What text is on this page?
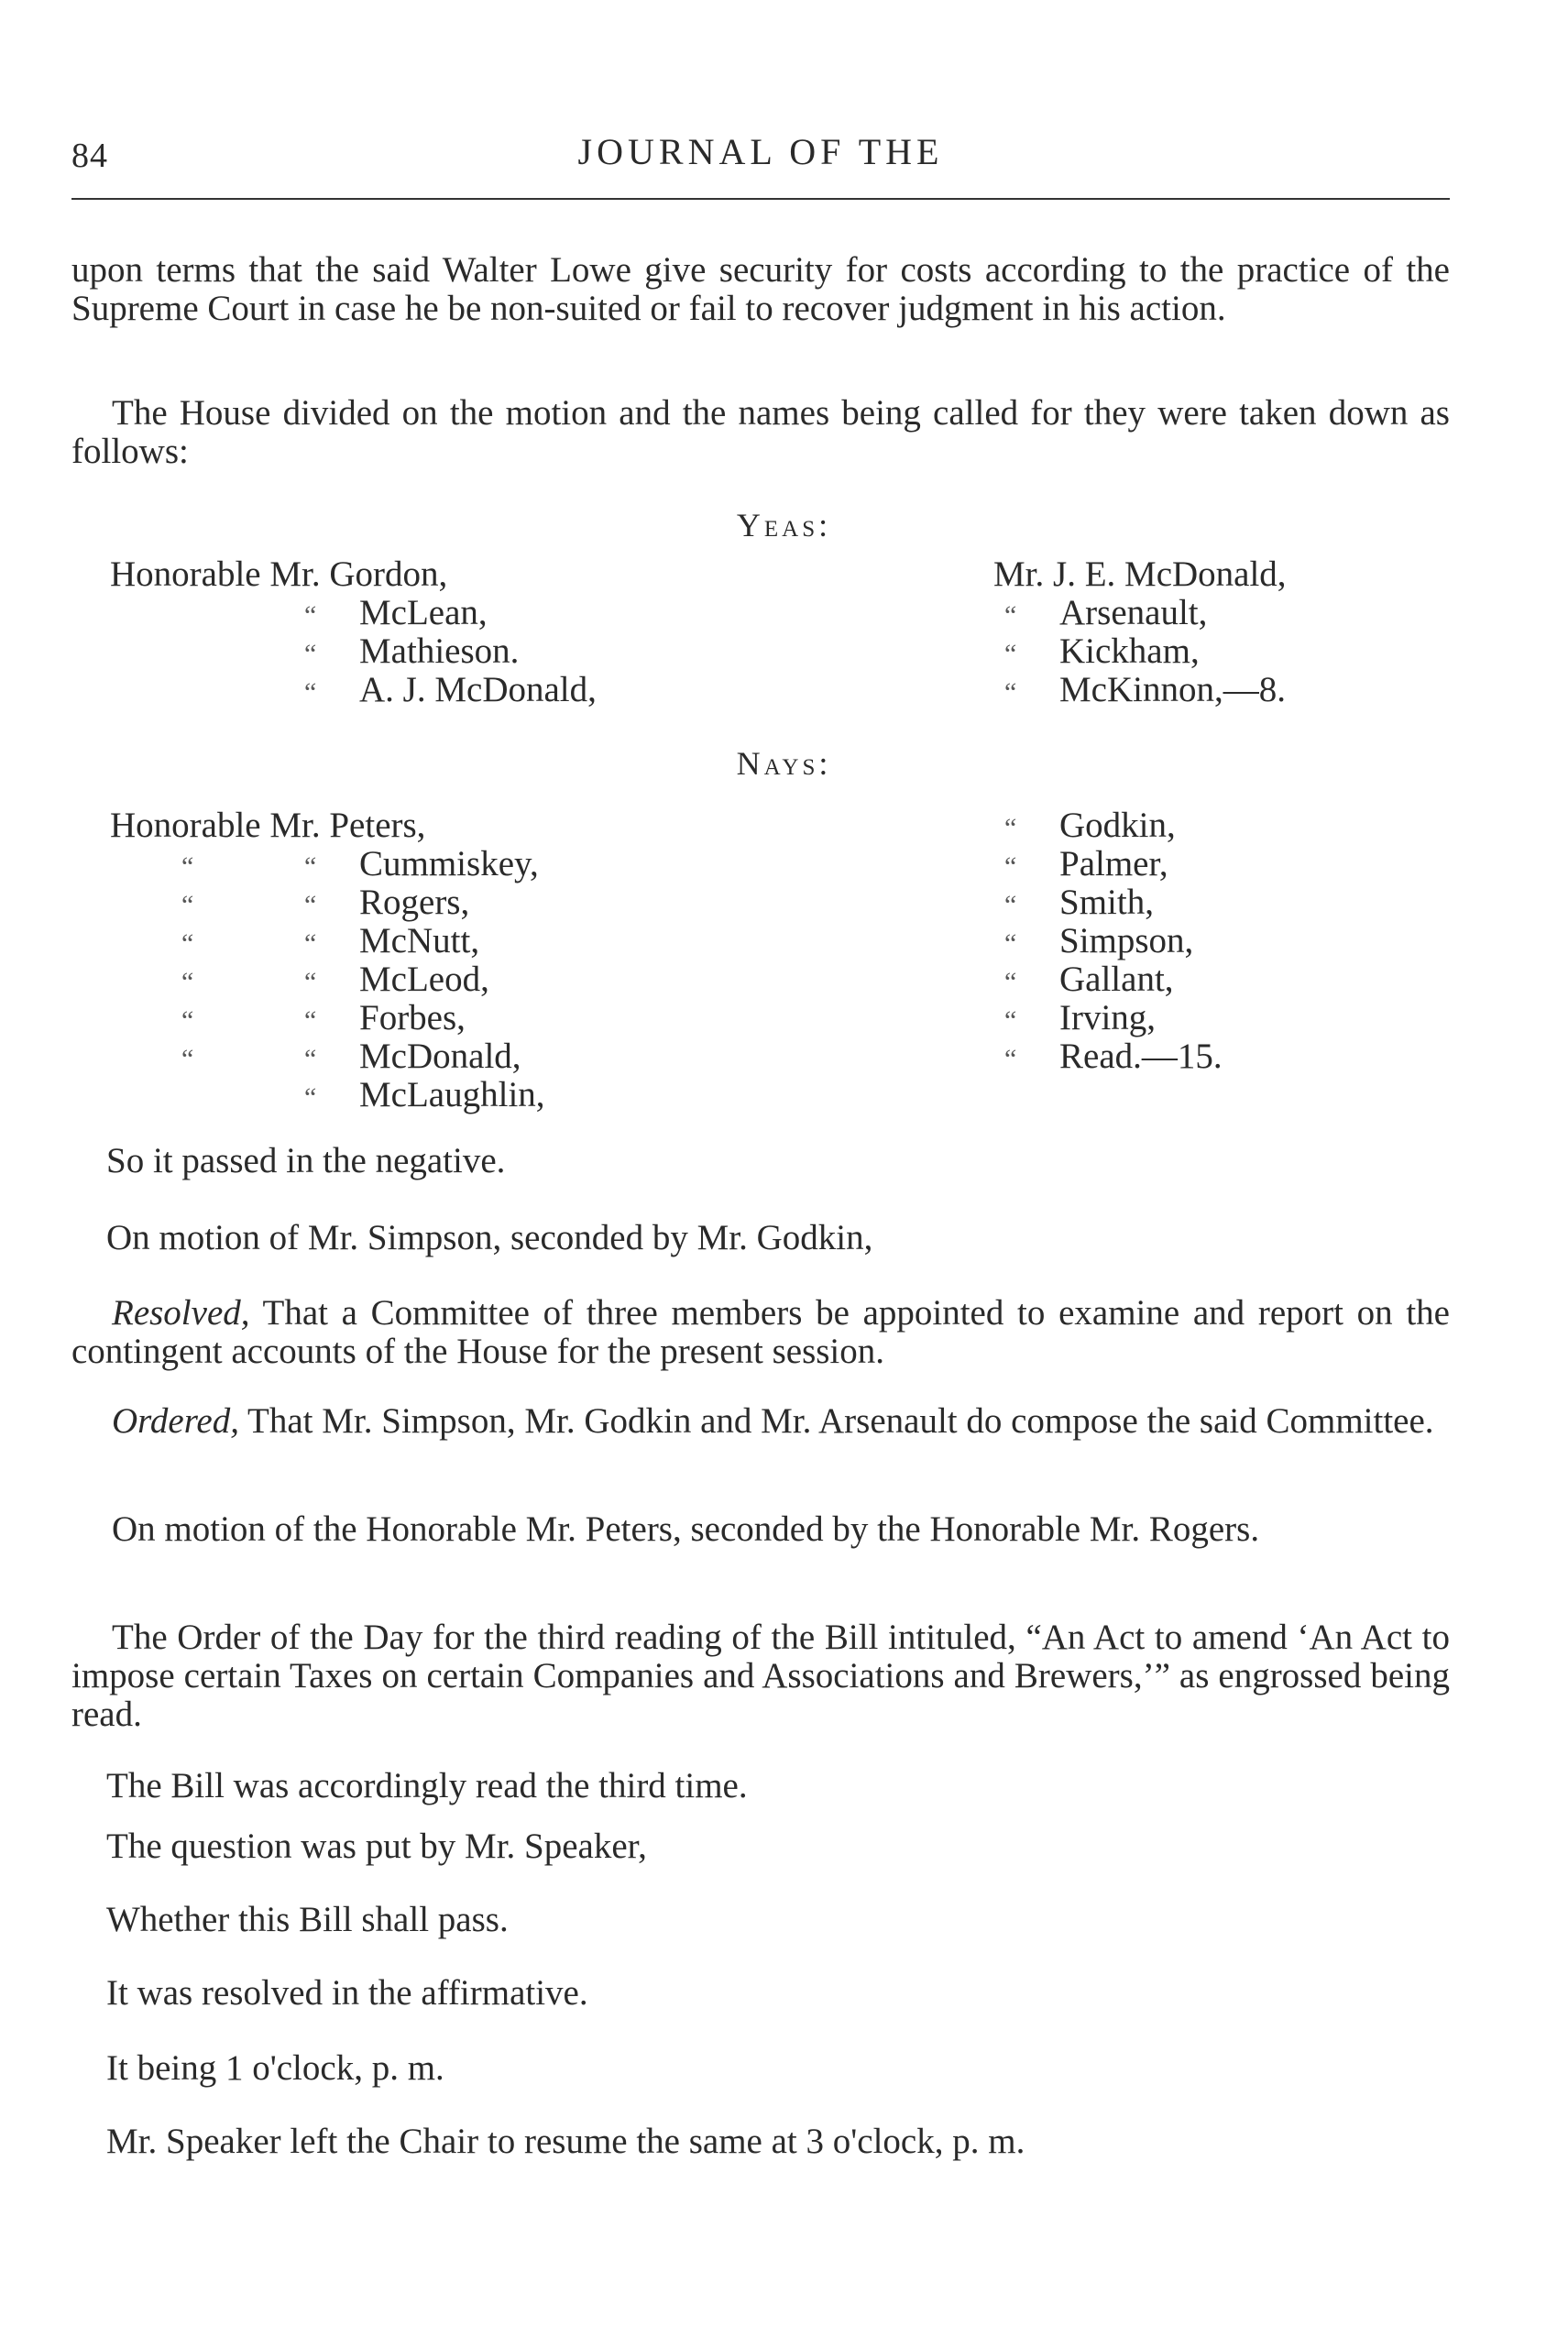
84	JOURNAL OF THE
upon terms that the said Walter Lowe give security for costs according to the practice of the Supreme Court in case he be non-suited or fail to recover judgment in his action.
The House divided on the motion and the names being called for they were taken down as follows:
Yeas:
Honorable Mr. Gordon,
“ McLean,
“ Mathieson.
“ A. J. McDonald,
Mr. J. E. McDonald,
“ Arsenault,
“ Kickham,
“ McKinnon,—8.
Nays:
Honorable Mr. Peters,
“	“ Cummiskey,
“	“ Rogers,
“	“ McNutt,
“	“ McLeod,
“	“ Forbes,
“	“ McDonald,
“ McLaughlin,
“ Godkin,
“ Palmer,
“ Smith,
“ Simpson,
“ Gallant,
“ Irving,
“ Read.—15.
So it passed in the negative.
On motion of Mr. Simpson, seconded by Mr. Godkin,
Resolved, That a Committee of three members be appointed to examine and report on the contingent accounts of the House for the present session.
Ordered, That Mr. Simpson, Mr. Godkin and Mr. Arsenault do compose the said Committee.
On motion of the Honorable Mr. Peters, seconded by the Honorable Mr. Rogers.
The Order of the Day for the third reading of the Bill intituled, “An Act to amend ‘An Act to impose certain Taxes on certain Companies and Associations and Brewers,’” as engrossed being read.
The Bill was accordingly read the third time.
The question was put by Mr. Speaker,
Whether this Bill shall pass.
It was resolved in the affirmative.
It being 1 o'clock, p. m.
Mr. Speaker left the Chair to resume the same at 3 o'clock, p. m.
